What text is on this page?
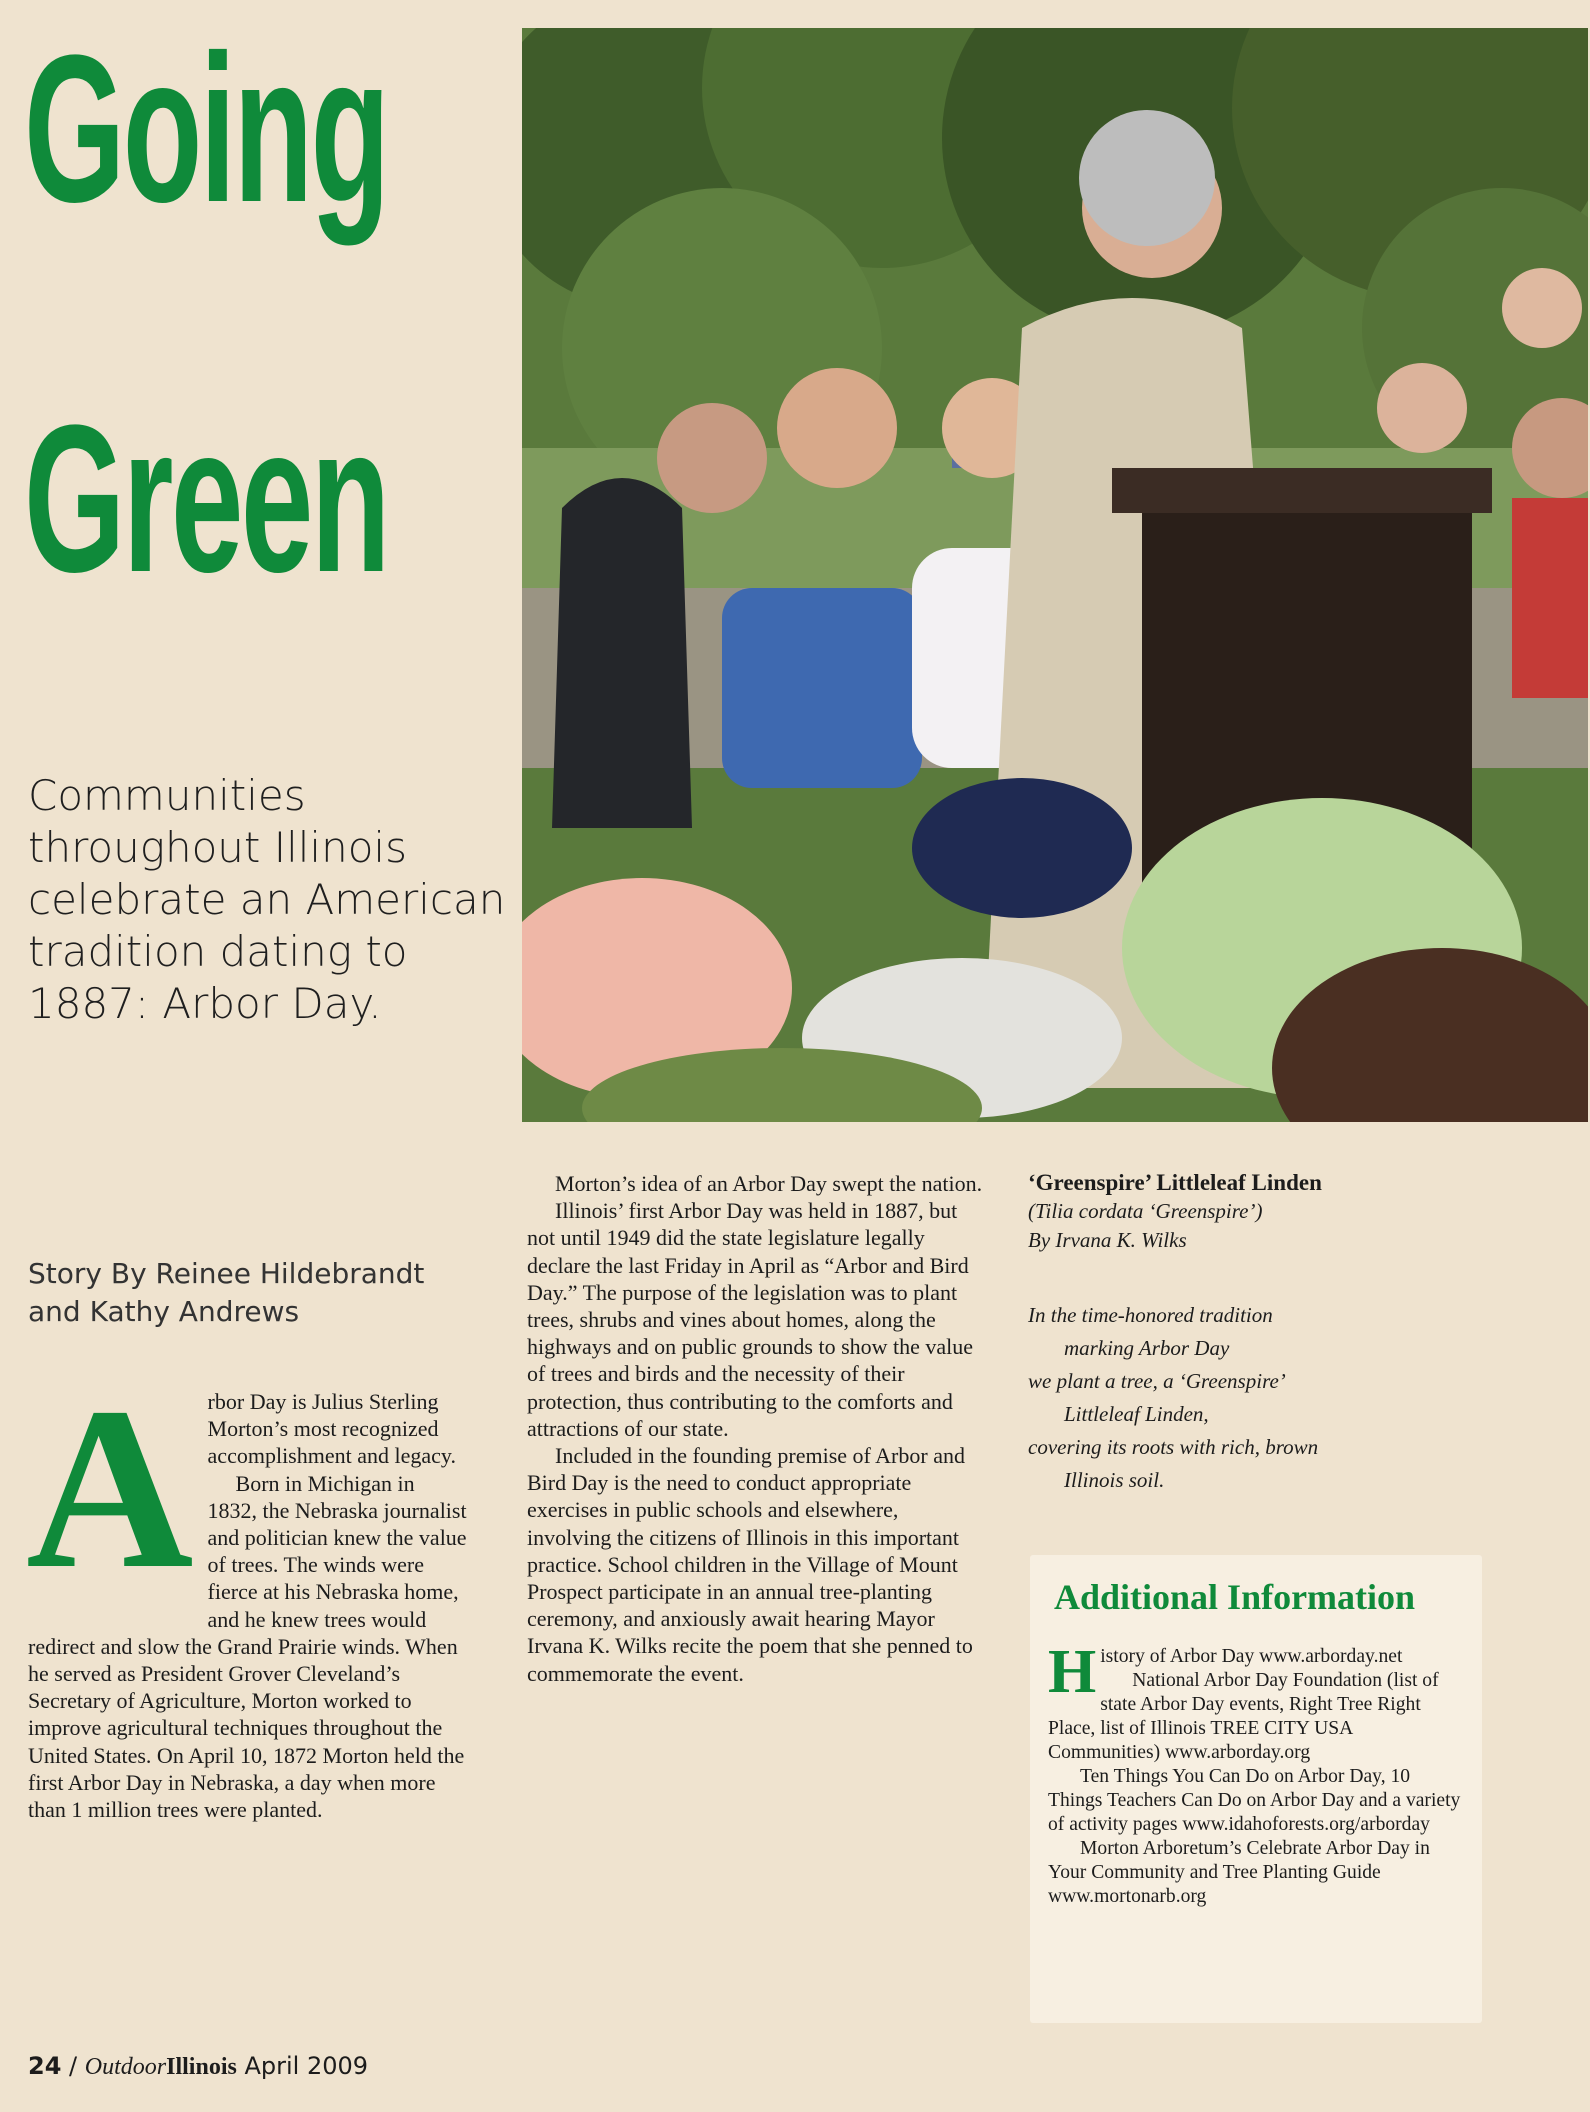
Going
Green

Communities throughout Illinois celebrate an American tradition dating to 1887: Arbor Day.

Story By Reinee Hildebrandt
and Kathy Andrews
A rbor Day is Julius Sterling Morton’s most recognized accomplishment and legacy.

Born in Michigan in 1832, the Nebraska journalist and politician knew the value of trees. The winds were fierce at his Nebraska home, and he knew trees would redirect and slow the Grand Prairie winds. When he served as President Grover Cleveland’s Secretary of Agriculture, Morton worked to improve agricultural techniques throughout the United States. On April 10, 1872 Morton held the first Arbor Day in Nebraska, a day when more than 1 million trees were planted.

Morton’s idea of an Arbor Day swept the nation.

Illinois’ first Arbor Day was held in 1887, but not until 1949 did the state legislature legally declare the last Friday in April as “Arbor and Bird Day.” The purpose of the legislation was to plant trees, shrubs and vines about homes, along the highways and on public grounds to show the value of trees and birds and the necessity of their protection, thus contributing to the comforts and attractions of our state.

Included in the founding premise of Arbor and Bird Day is the need to conduct appropriate exercises in public schools and elsewhere, involving the citizens of Illinois in this important practice. School children in the Village of Mount Prospect participate in an annual tree-planting ceremony, and anxiously await hearing Mayor Irvana K. Wilks recite the poem that she penned to commemorate the event.

‘Greenspire’ Littleleaf Linden
(Tilia cordata ‘Greenspire’)
By Irvana K. Wilks
In the time-honored tradition
marking Arbor Day
we plant a tree, a ‘Greenspire’
Littleleaf Linden,
covering its roots with rich, brown
Illinois soil.
Additional Information

History of Arbor Day www.arborday.net

National Arbor Day Foundation (list of state Arbor Day events, Right Tree Right Place, list of Illinois TREE CITY USA Communities) www.arborday.org

Ten Things You Can Do on Arbor Day, 10 Things Teachers Can Do on Arbor Day and a variety of activity pages www.idahoforests.org/arborday

Morton Arboretum’s Celebrate Arbor Day in Your Community and Tree Planting Guide www.mortonarb.org

24 / OutdoorIllinois April 2009
